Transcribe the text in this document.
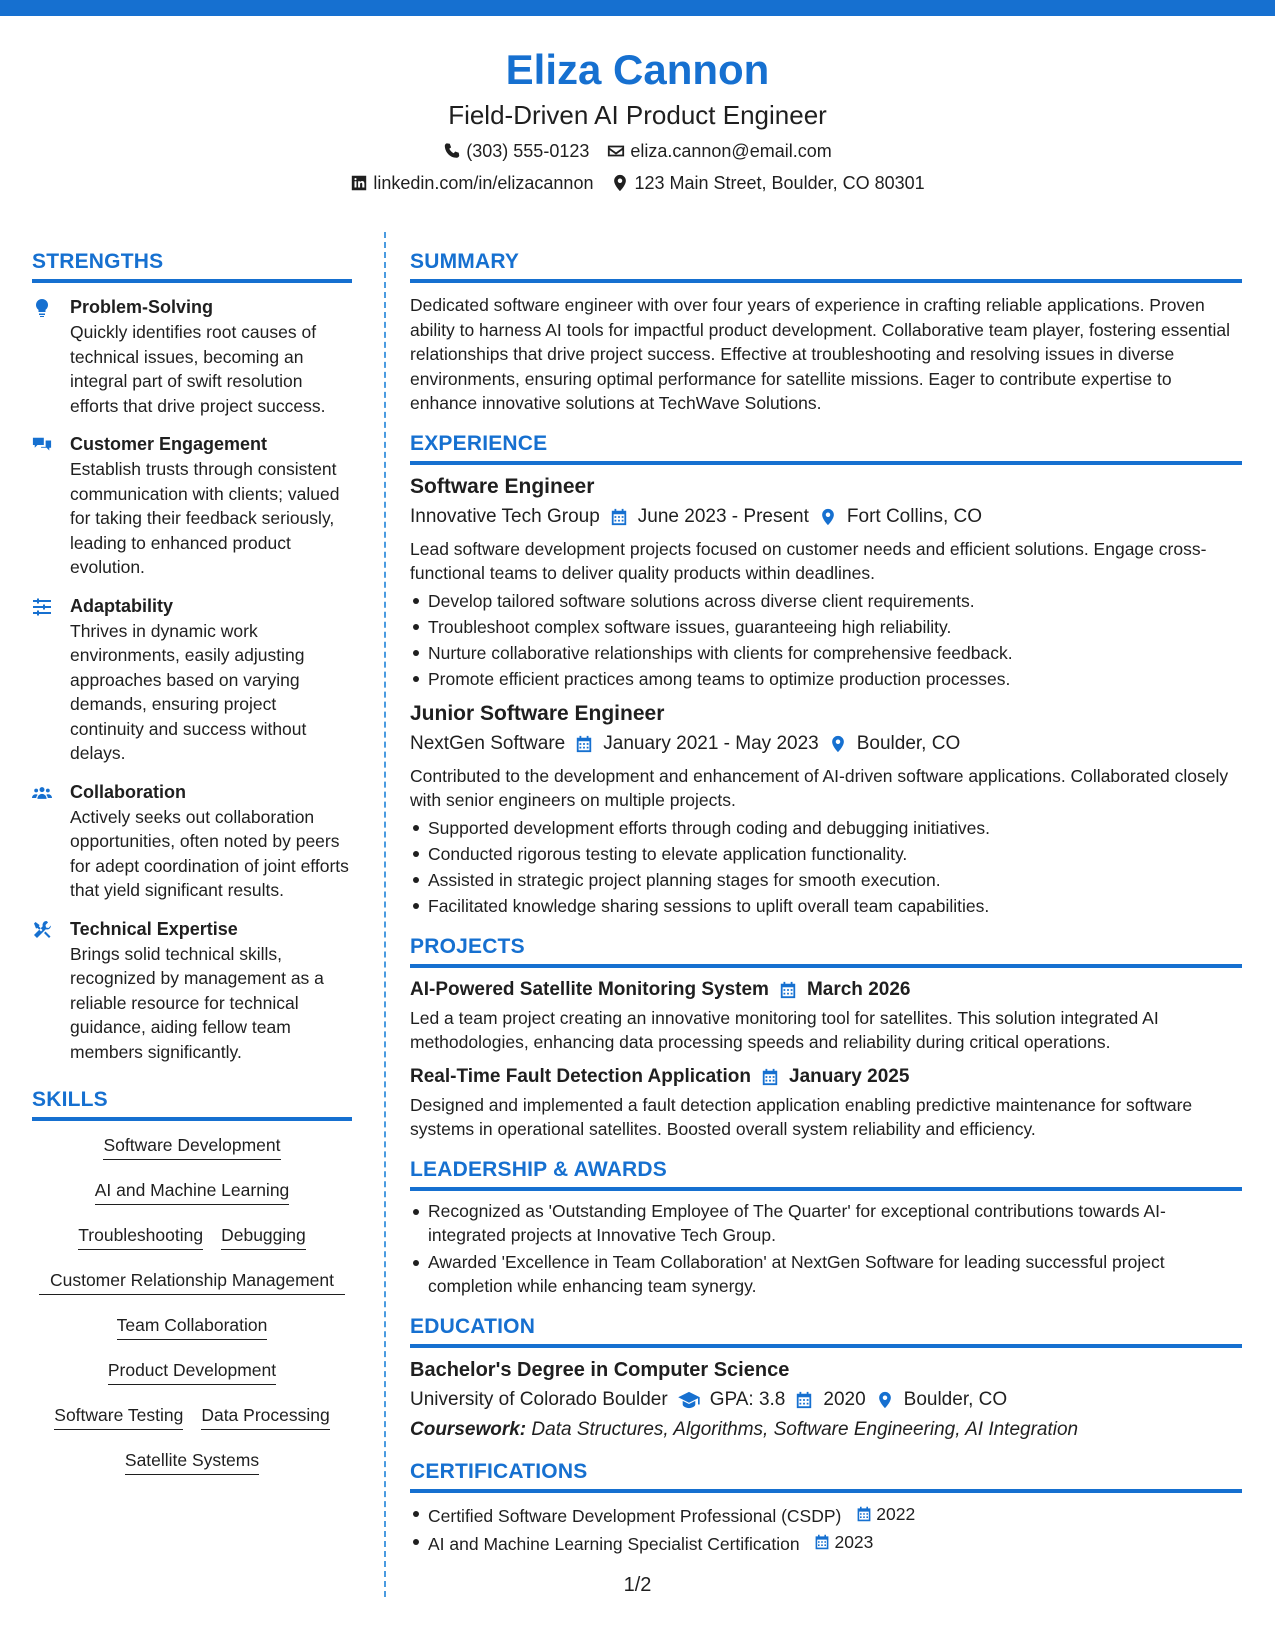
Eliza Cannon
Field-Driven AI Product Engineer
(303) 555-0123 eliza.cannon@email.com
linkedin.com/in/elizacannon 123 Main Street, Boulder, CO 80301
STRENGTHS
Problem-Solving
Quickly identifies root causes of technical issues, becoming an integral part of swift resolution efforts that drive project success.
Customer Engagement
Establish trusts through consistent communication with clients; valued for taking their feedback seriously, leading to enhanced product evolution.
Adaptability
Thrives in dynamic work environments, easily adjusting approaches based on varying demands, ensuring project continuity and success without delays.
Collaboration
Actively seeks out collaboration opportunities, often noted by peers for adept coordination of joint efforts that yield significant results.
Technical Expertise
Brings solid technical skills, recognized by management as a reliable resource for technical guidance, aiding fellow team members significantly.
SKILLS
Software Development
AI and Machine Learning
Troubleshooting Debugging
Customer Relationship Management
Team Collaboration
Product Development
Software Testing Data Processing
Satellite Systems
SUMMARY
Dedicated software engineer with over four years of experience in crafting reliable applications. Proven ability to harness AI tools for impactful product development. Collaborative team player, fostering essential relationships that drive project success. Effective at troubleshooting and resolving issues in diverse environments, ensuring optimal performance for satellite missions. Eager to contribute expertise to enhance innovative solutions at TechWave Solutions.
EXPERIENCE
Software Engineer
Innovative Tech Group June 2023 - Present Fort Collins, CO
Lead software development projects focused on customer needs and efficient solutions. Engage cross-functional teams to deliver quality products within deadlines.
Develop tailored software solutions across diverse client requirements.
Troubleshoot complex software issues, guaranteeing high reliability.
Nurture collaborative relationships with clients for comprehensive feedback.
Promote efficient practices among teams to optimize production processes.
Junior Software Engineer
NextGen Software January 2021 - May 2023 Boulder, CO
Contributed to the development and enhancement of AI-driven software applications. Collaborated closely with senior engineers on multiple projects.
Supported development efforts through coding and debugging initiatives.
Conducted rigorous testing to elevate application functionality.
Assisted in strategic project planning stages for smooth execution.
Facilitated knowledge sharing sessions to uplift overall team capabilities.
PROJECTS
AI-Powered Satellite Monitoring System March 2026
Led a team project creating an innovative monitoring tool for satellites. This solution integrated AI methodologies, enhancing data processing speeds and reliability during critical operations.
Real-Time Fault Detection Application January 2025
Designed and implemented a fault detection application enabling predictive maintenance for software systems in operational satellites. Boosted overall system reliability and efficiency.
LEADERSHIP & AWARDS
Recognized as 'Outstanding Employee of The Quarter' for exceptional contributions towards AI-integrated projects at Innovative Tech Group.
Awarded 'Excellence in Team Collaboration' at NextGen Software for leading successful project completion while enhancing team synergy.
EDUCATION
Bachelor's Degree in Computer Science
University of Colorado Boulder GPA: 3.8 2020 Boulder, CO
Coursework: Data Structures, Algorithms, Software Engineering, AI Integration
CERTIFICATIONS
Certified Software Development Professional (CSDP) 2022
AI and Machine Learning Specialist Certification 2023
1/2
